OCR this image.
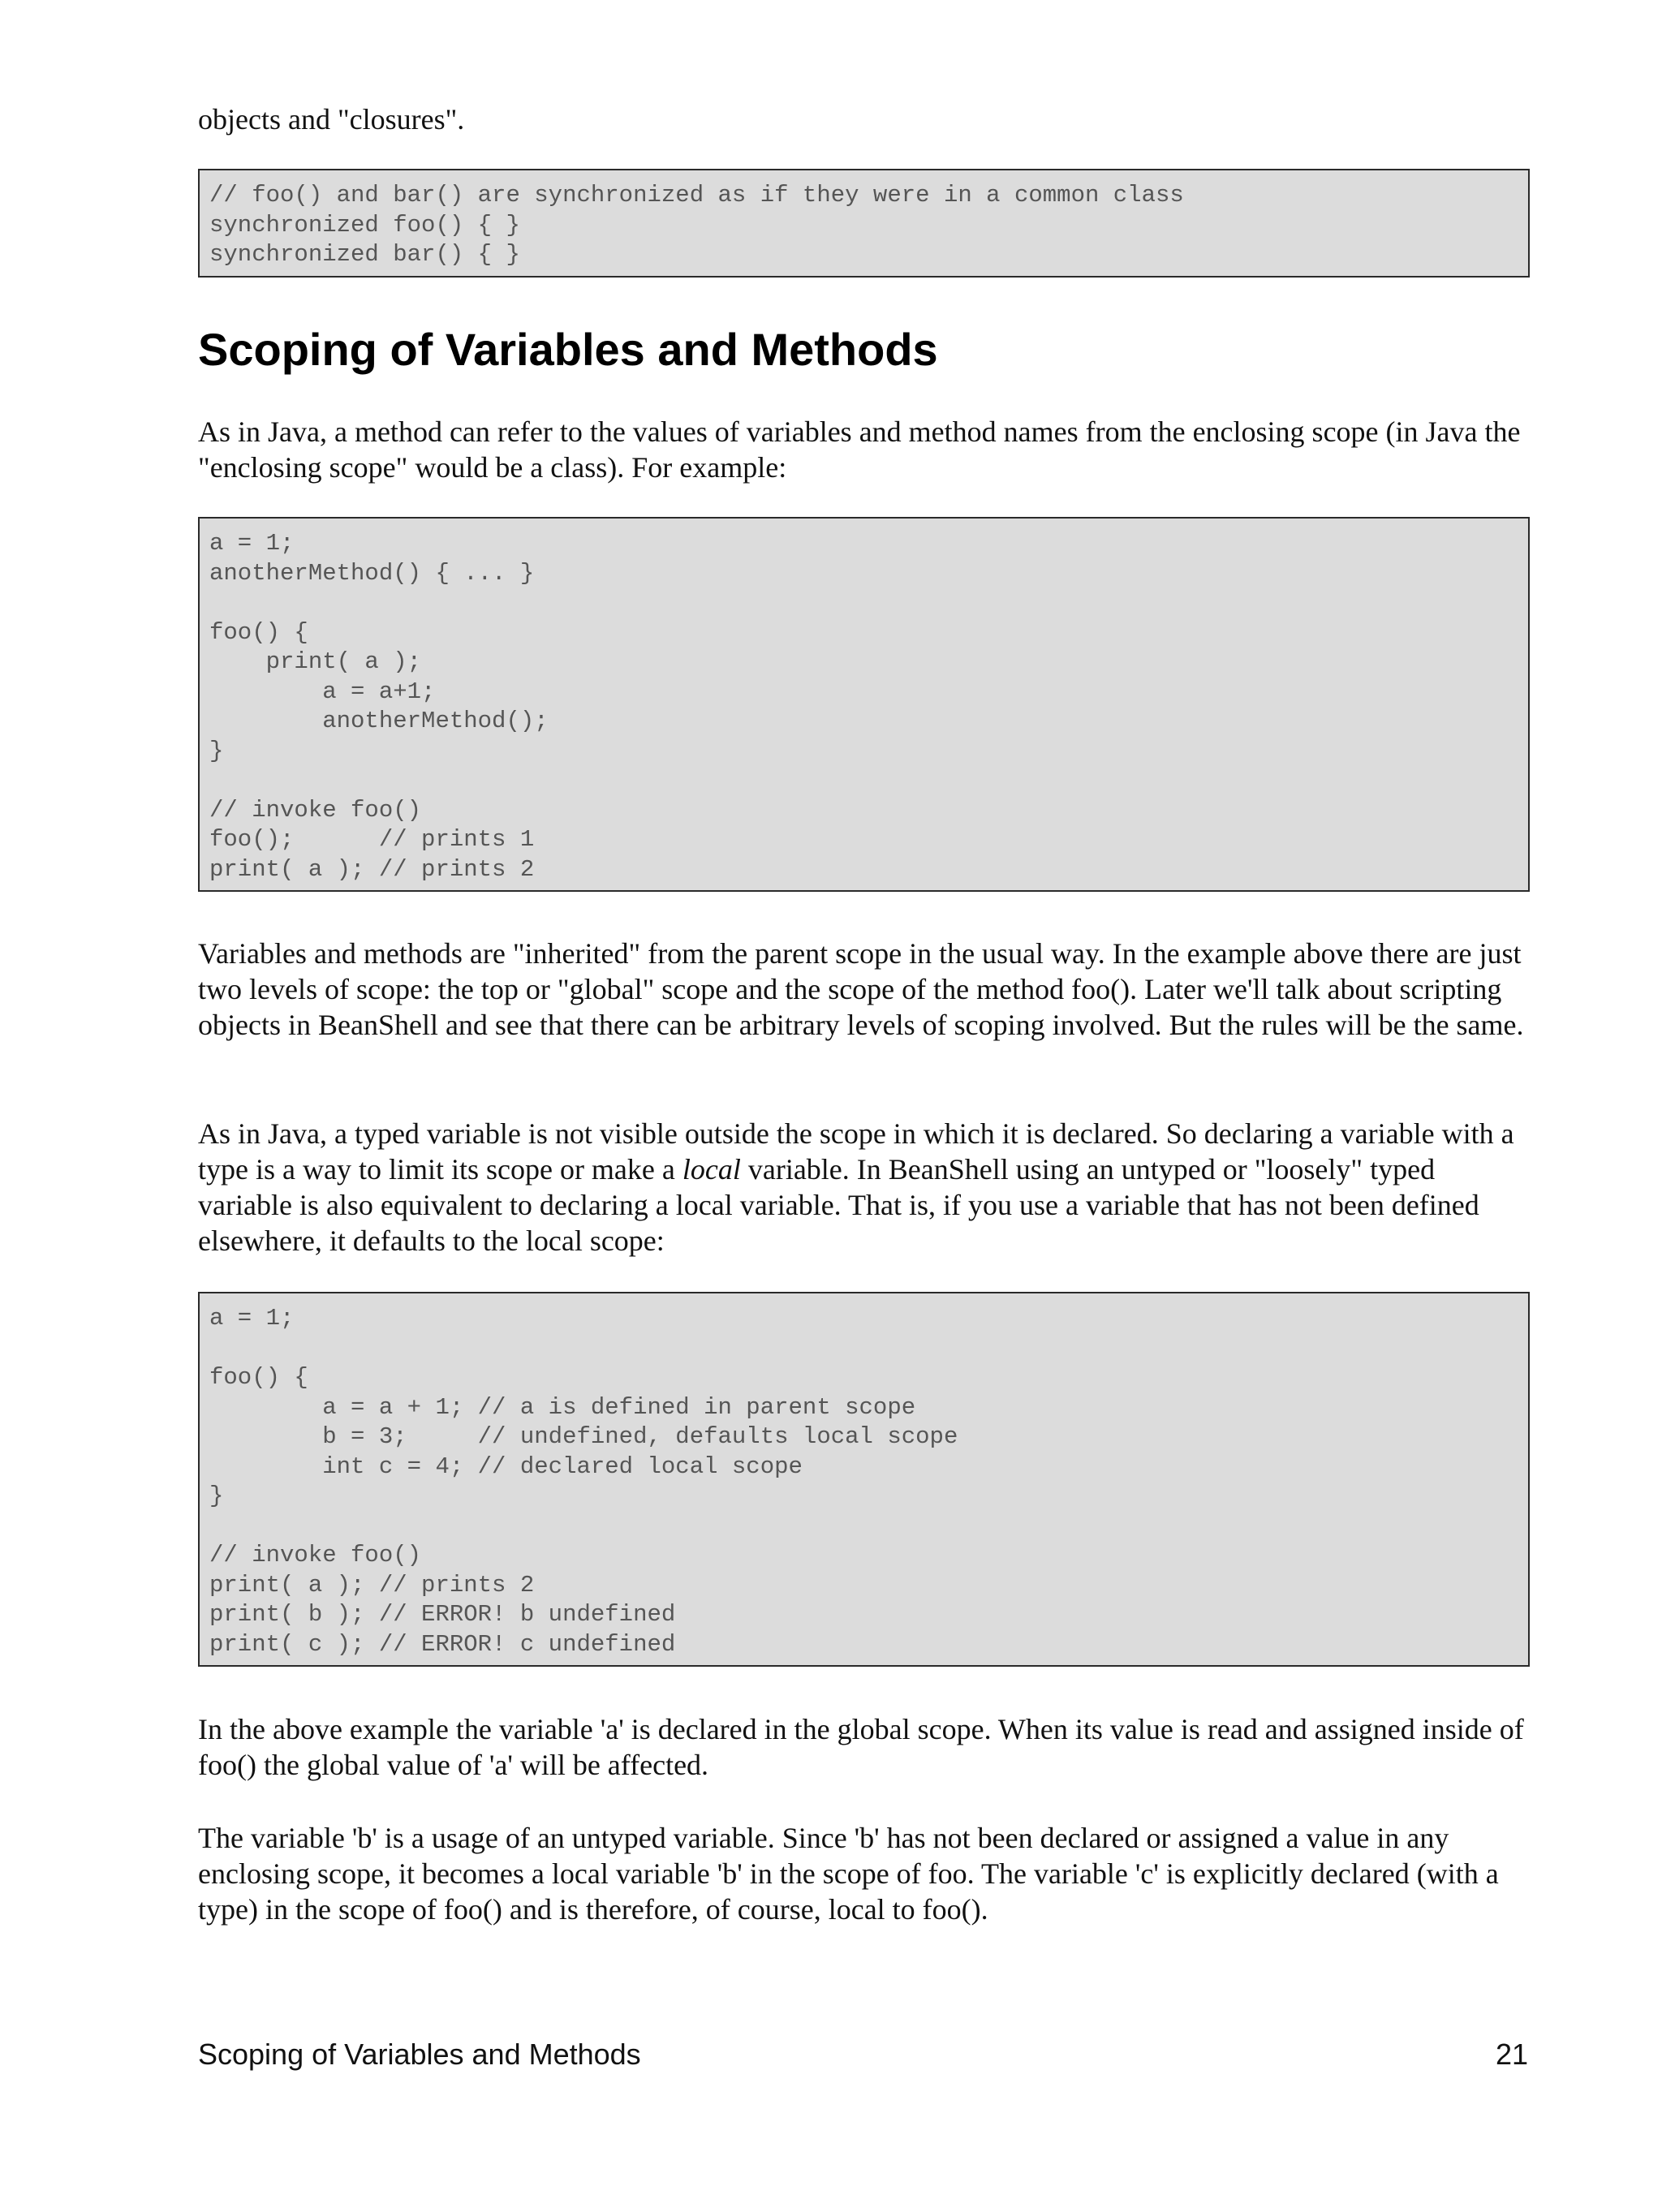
objects and "closures".

// foo() and bar() are synchronized as if they were in a common class
synchronized foo() { }
synchronized bar() { }
Scoping of Variables and Methods

As in Java, a method can refer to the values of variables and method names from the enclosing scope (in Java the "enclosing scope" would be a class). For example:

a = 1;
anotherMethod() { ... }

foo() {
print( a );
a = a+1;
anotherMethod();
}

// invoke foo()
foo();      // prints 1
print( a ); // prints 2

Variables and methods are "inherited" from the parent scope in the usual way. In the example above there are just two levels of scope: the top or "global" scope and the scope of the method foo(). Later we'll talk about scripting objects in BeanShell and see that there can be arbitrary levels of scoping involved. But the rules will be the same.

As in Java, a typed variable is not visible outside the scope in which it is declared. So declaring a variable with a type is a way to limit its scope or make a local variable. In BeanShell using an untyped or "loosely" typed variable is also equivalent to declaring a local variable. That is, if you use a variable that has not been defined elsewhere, it defaults to the local scope:

a = 1;

foo() {
a = a + 1; // a is defined in parent scope
b = 3;     // undefined, defaults local scope
int c = 4; // declared local scope
}

// invoke foo()
print( a ); // prints 2
print( b ); // ERROR! b undefined
print( c ); // ERROR! c undefined

In the above example the variable 'a' is declared in the global scope. When its value is read and assigned inside of foo() the global value of 'a' will be affected.

The variable 'b' is a usage of an untyped variable. Since 'b' has not been declared or assigned a value in any enclosing scope, it becomes a local variable 'b' in the scope of foo. The variable 'c' is explicitly declared (with a type) in the scope of foo() and is therefore, of course, local to foo().

Scoping of Variables and Methods	21
